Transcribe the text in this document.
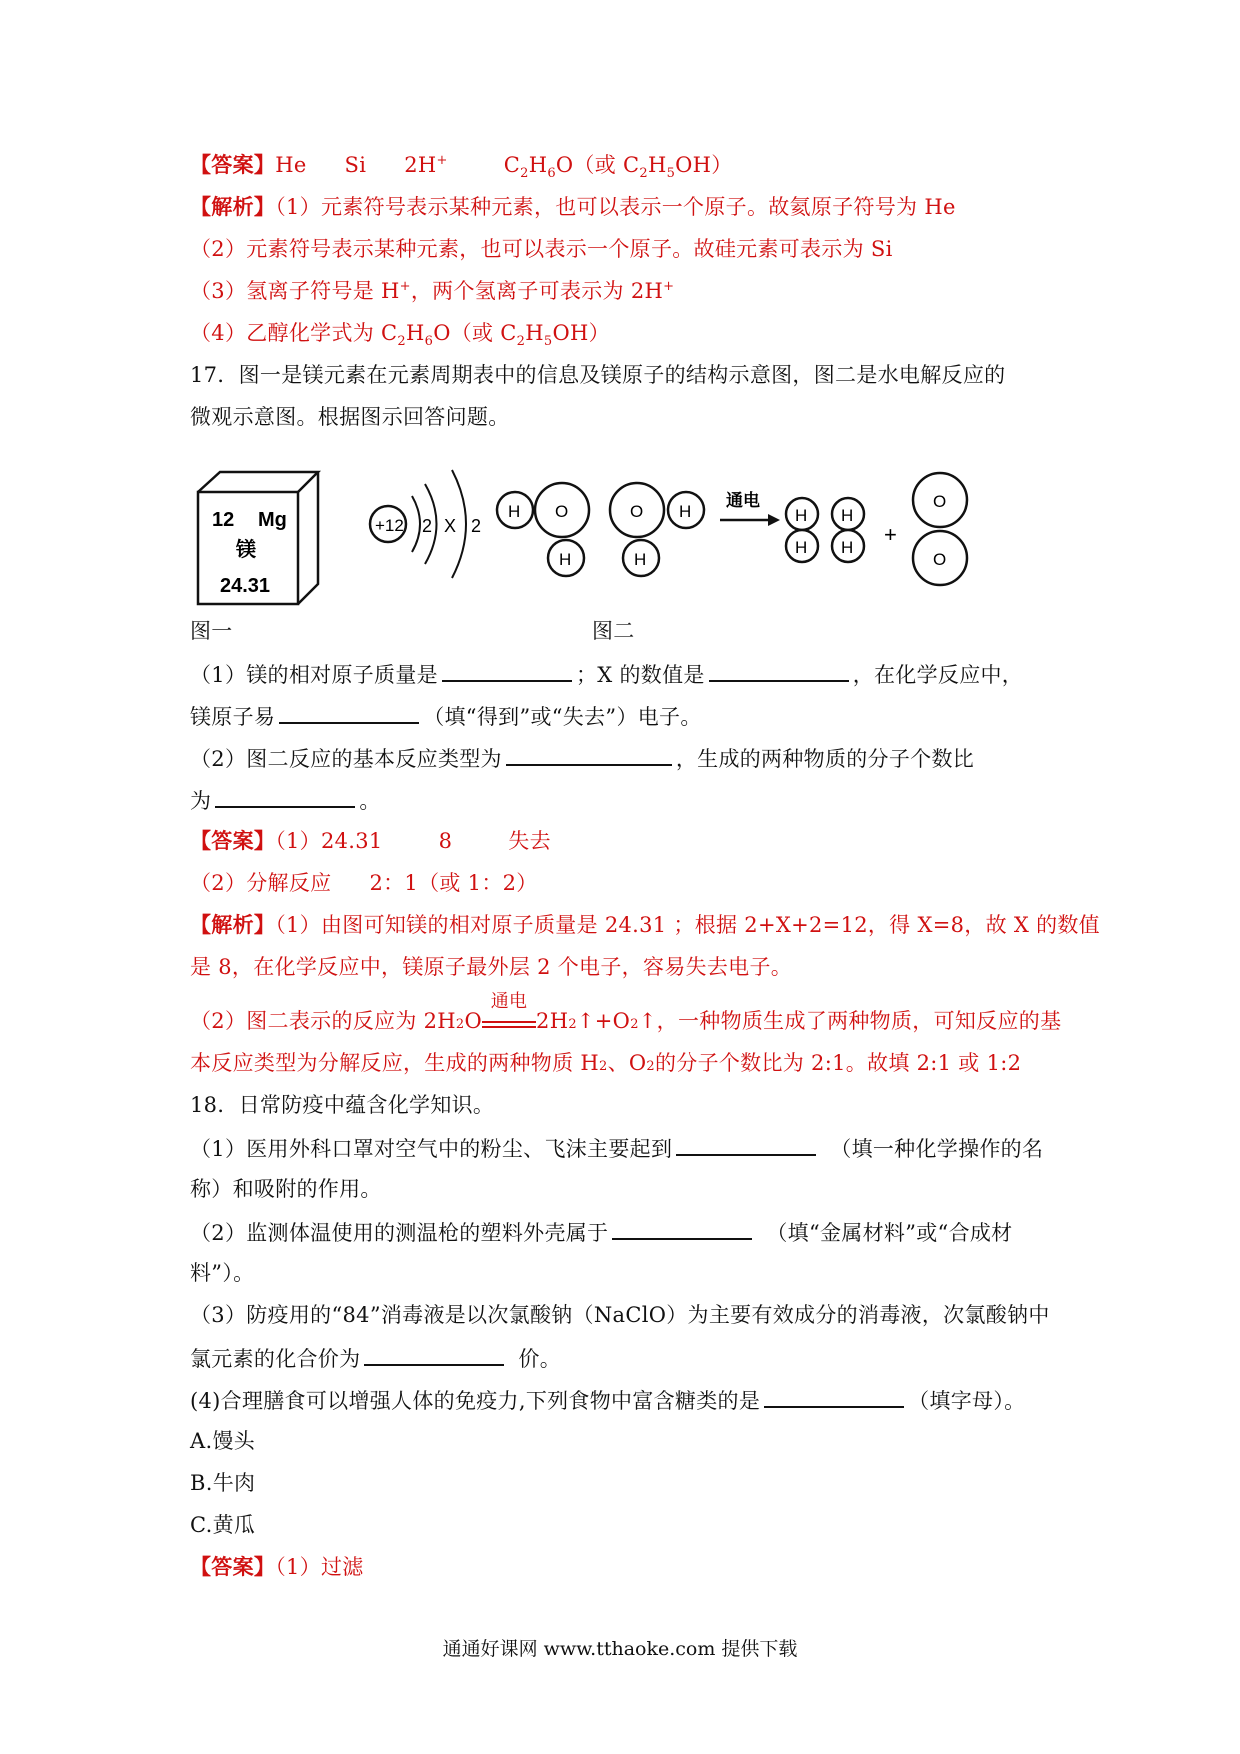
【答案】He Si 2H+	$C_2H_6O$（或 $C_2H_5OH$）
【解析】（1）元素符号表示某种元素，也可以表示一个原子。故氦原子符号为 He
（2）元素符号表示某种元素，也可以表示一个原子。故硅元素可表示为 Si
（3）氢离子符号是 H+，两个氢离子可表示为 2H+
（4）乙醇化学式为 $C_2H_6O$（或 $C_2H_5OH$）
17．图一是镁元素在元素周期表中的信息及镁原子的结构示意图，图二是水电解反应的
微观示意图。根据图示回答问题。
12 Mg
镁
24.31
+12 2 X 2
H O
H
O H
H
通电
H
H
H
H
+
O
O
图一	图二
（1）镁的相对原子质量是	；X 的数值是	，在化学反应中，
镁原子易	（填“得到”或“失去”）电子。
（2）图二反应的基本反应类型为	，生成的两种物质的分子个数比
为	。
【答案】（1）24.31	8	失去
（2）分解反应 2：1（或 1：2）
【解析】（1）由图可知镁的相对原子质量是 24.31 ；根据 2+X+2=12，得 X=8，故 X 的数值
是 8，在化学反应中，镁原子最外层 2 个电子，容易失去电子。
（2）图二表示的反应为 2H2O
通电
2H2↑+O2↑，一种物质生成了两种物质，可知反应的基
本反应类型为分解反应，生成的两种物质 H2、O2的分子个数比为 2:1。故填 2:1 或 1:2
18．日常防疫中蕴含化学知识。
（1）医用外科口罩对空气中的粉尘、飞沫主要起到	（填一种化学操作的名
称）和吸附的作用。
（2）监测体温使用的测温枪的塑料外壳属于	（填“金属材料”或“合成材
料”）。
（3）防疫用的“84”消毒液是以次氯酸钠（NaClO）为主要有效成分的消毒液，次氯酸钠中
氯元素的化合价为	价。
(4)合理膳食可以增强人体的免疫力,下列食物中富含糖类的是	（填字母）。
A.馒头
B.牛肉
C.黄瓜
【答案】（1）过滤
通通好课网 www.tthaoke.com 提供下载
